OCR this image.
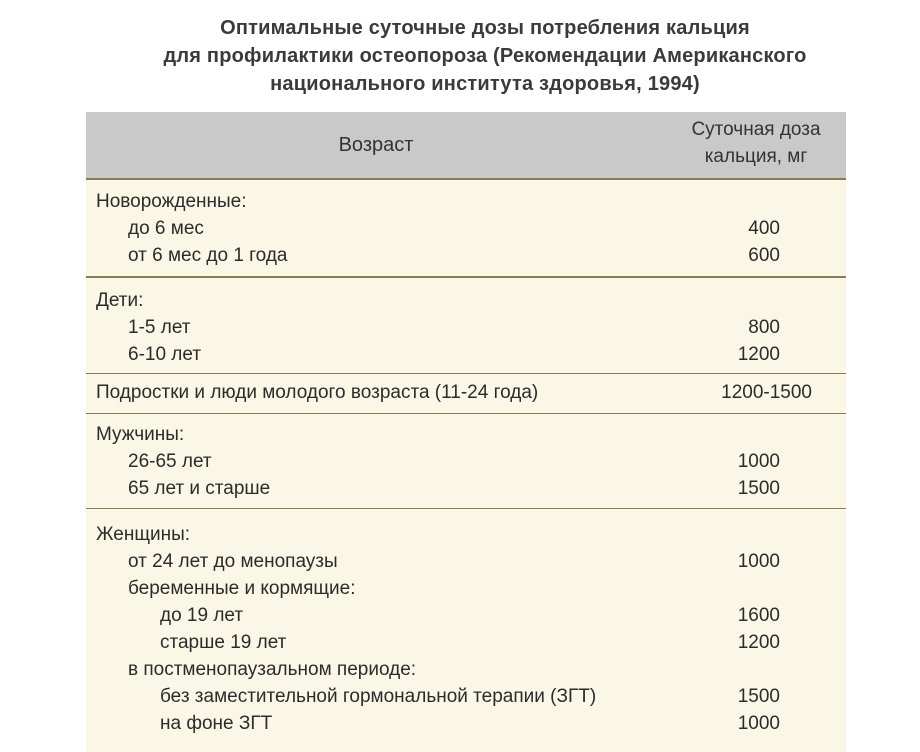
Оптимальные суточные дозы потребления кальция
для профилактики остеопороза (Рекомендации Американского
национального института здоровья, 1994)
Возраст
Суточная доза
кальция, мг
Новорожденные:
до 6 мес	400
от 6 мес до 1 года	600
Дети:
1-5 лет	800
6-10 лет	1200
Подростки и люди молодого возраста (11-24 года)	1200-1500
Мужчины:
26-65 лет	1000
65 лет и старше	1500
Женщины:
от 24 лет до менопаузы	1000
беременные и кормящие:
до 19 лет	1600
старше 19 лет	1200
в постменопаузальном периоде:
без заместительной гормональной терапии (ЗГТ)	1500
на фоне ЗГТ	1000
